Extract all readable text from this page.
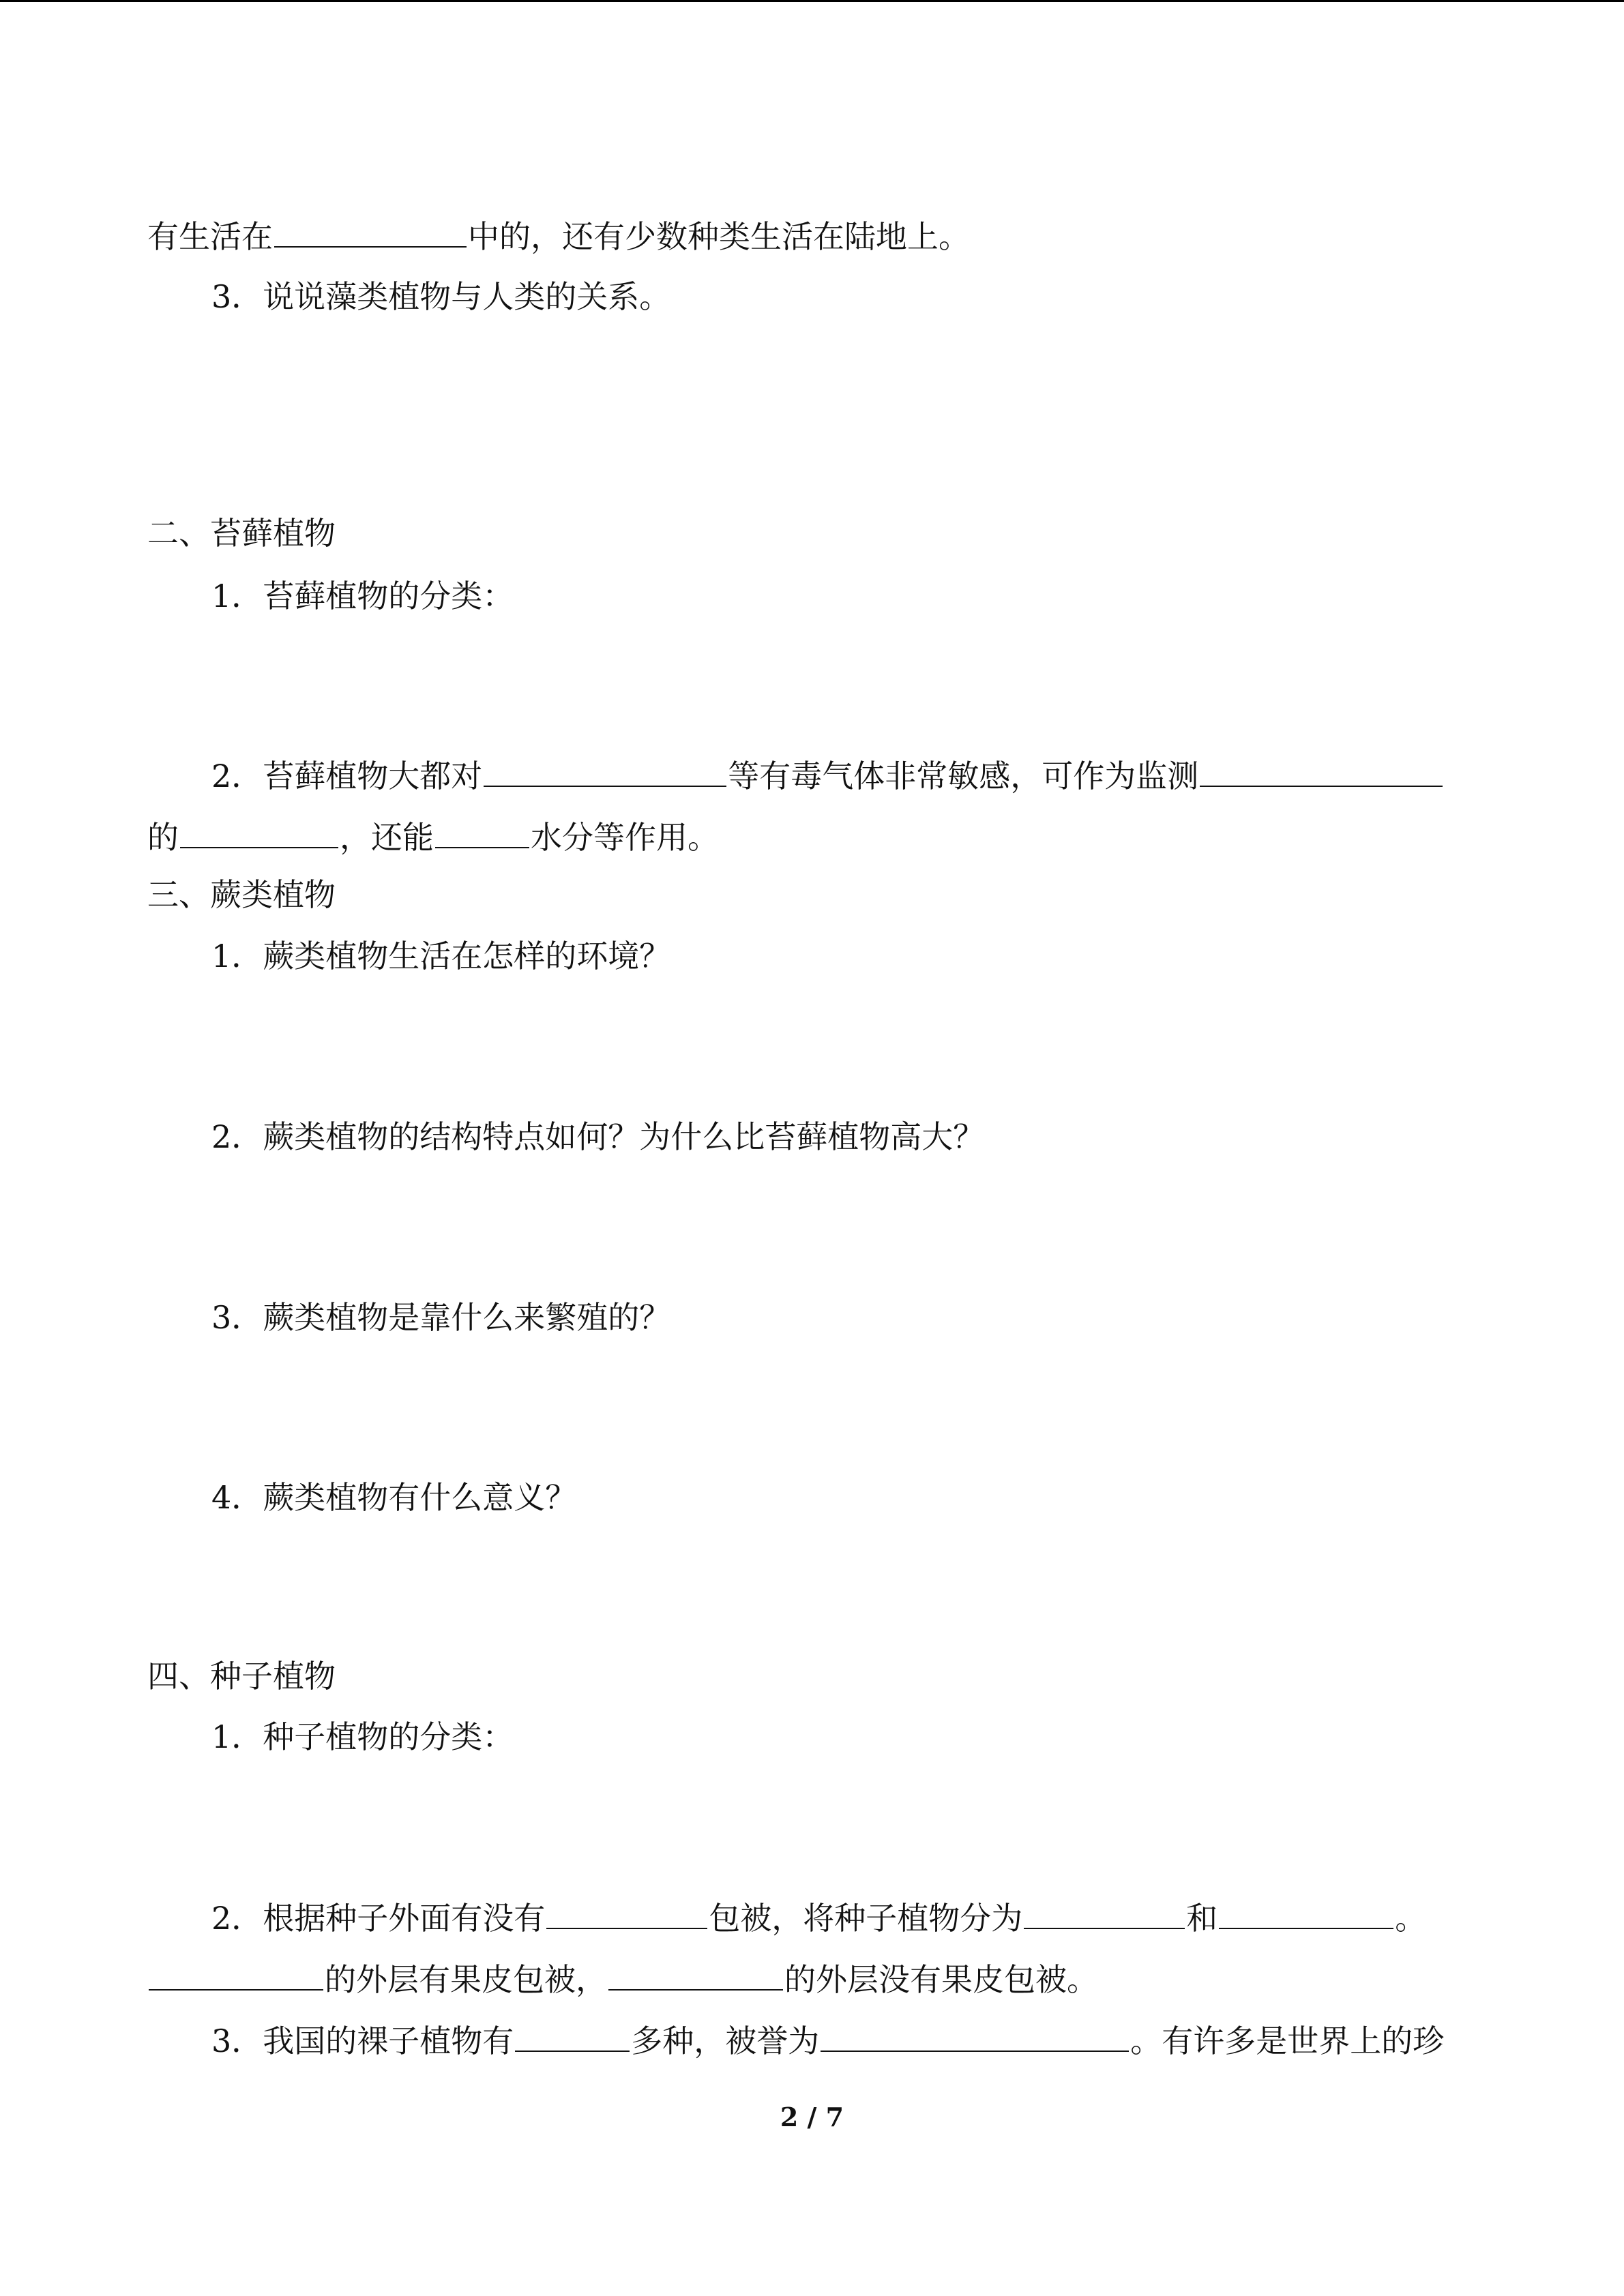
有生活在	中的，还有少数种类生活在陆地上。
3．说说藻类植物与人类的关系。
二、苔藓植物
1．苔藓植物的分类：
2．苔藓植物大都对	等有毒气体非常敏感，可作为监测
的	，还能	水分等作用。
三、蕨类植物
1．蕨类植物生活在怎样的环境？
2．蕨类植物的结构特点如何？为什么比苔藓植物高大？
3．蕨类植物是靠什么来繁殖的？
4．蕨类植物有什么意义？
四、种子植物
1．种子植物的分类：
2．根据种子外面有没有	包被，将种子植物分为	和	。
的外层有果皮包被，	的外层没有果皮包被。
3．我国的裸子植物有	多种，被誉为	。有许多是世界上的珍
2 / 7
